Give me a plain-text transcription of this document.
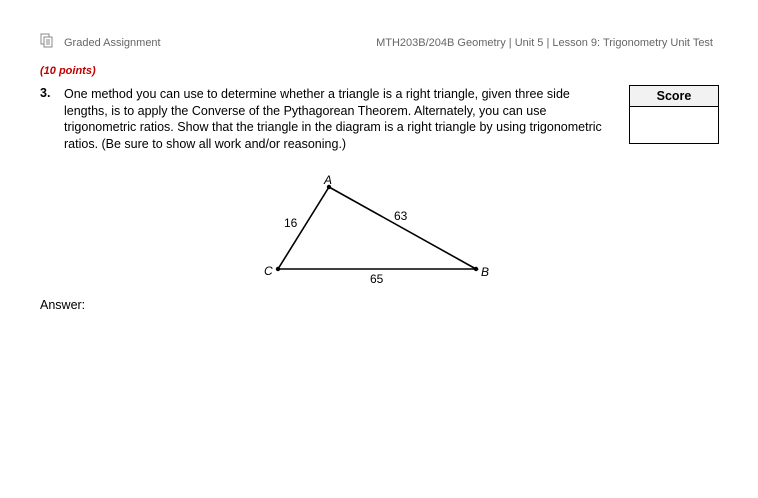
Graded Assignment	MTH203B/204B Geometry | Unit 5 | Lesson 9: Trigonometry Unit Test
(10 points)
3. One method you can use to determine whether a triangle is a right triangle, given three side lengths, is to apply the Converse of the Pythagorean Theorem. Alternately, you can use trigonometric ratios. Show that the triangle in the diagram is a right triangle by using trigonometric ratios. (Be sure to show all work and/or reasoning.)
Score
A
C	B
16	63
65
Answer:
